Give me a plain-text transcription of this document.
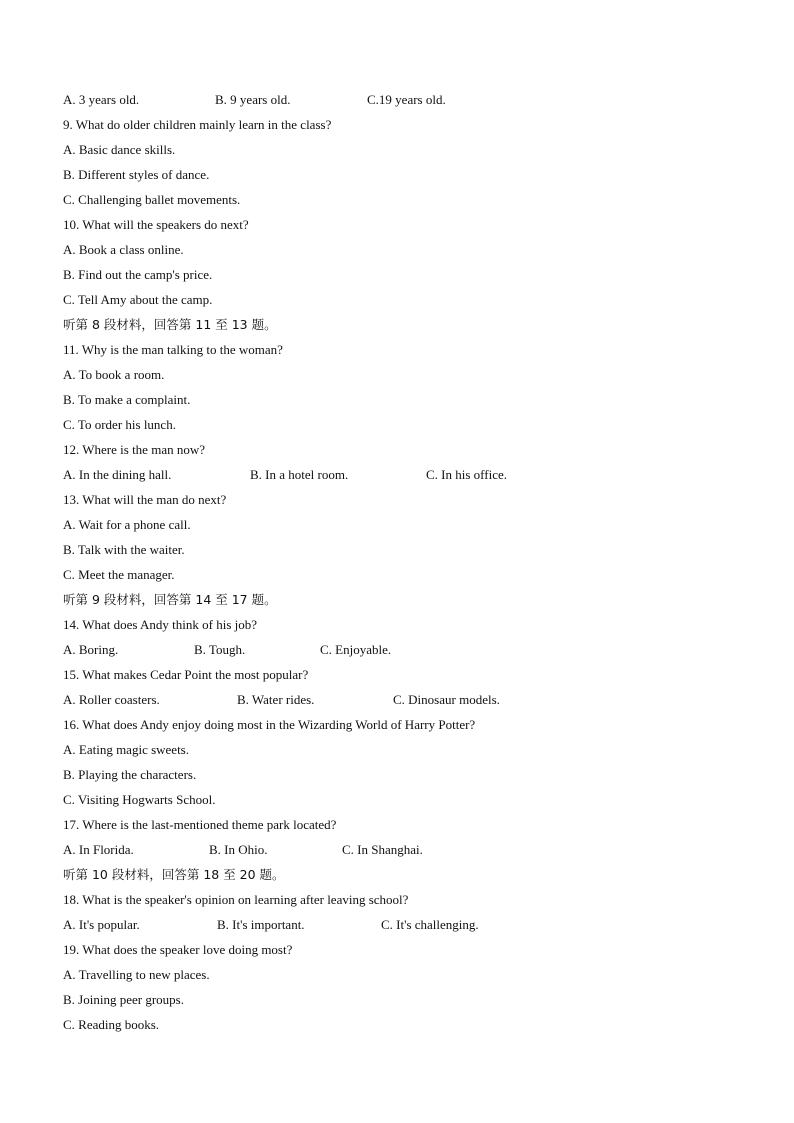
A. 3 years old.	B. 9 years old.	C.19 years old.
9. What do older children mainly learn in the class?
A. Basic dance skills.
B. Different styles of dance.
C. Challenging ballet movements.
10. What will the speakers do next?
A. Book a class online.
B. Find out the camp's price.
C. Tell Amy about the camp.
听第 8 段材料，回答第 11 至 13 题。
11. Why is the man talking to the woman?
A. To book a room.
B. To make a complaint.
C. To order his lunch.
12. Where is the man now?
A. In the dining hall.	B. In a hotel room.	C. In his office.
13. What will the man do next?
A. Wait for a phone call.
B. Talk with the waiter.
C. Meet the manager.
听第 9 段材料，回答第 14 至 17 题。
14. What does Andy think of his job?
A. Boring.	B. Tough.	C. Enjoyable.
15. What makes Cedar Point the most popular?
A. Roller coasters.	B. Water rides.	C. Dinosaur models.
16. What does Andy enjoy doing most in the Wizarding World of Harry Potter?
A. Eating magic sweets.
B. Playing the characters.
C. Visiting Hogwarts School.
17. Where is the last-mentioned theme park located?
A. In Florida.	B. In Ohio.	C. In Shanghai.
听第 10 段材料，回答第 18 至 20 题。
18. What is the speaker's opinion on learning after leaving school?
A. It's popular.	B. It's important.	C. It's challenging.
19. What does the speaker love doing most?
A. Travelling to new places.
B. Joining peer groups.
C. Reading books.
